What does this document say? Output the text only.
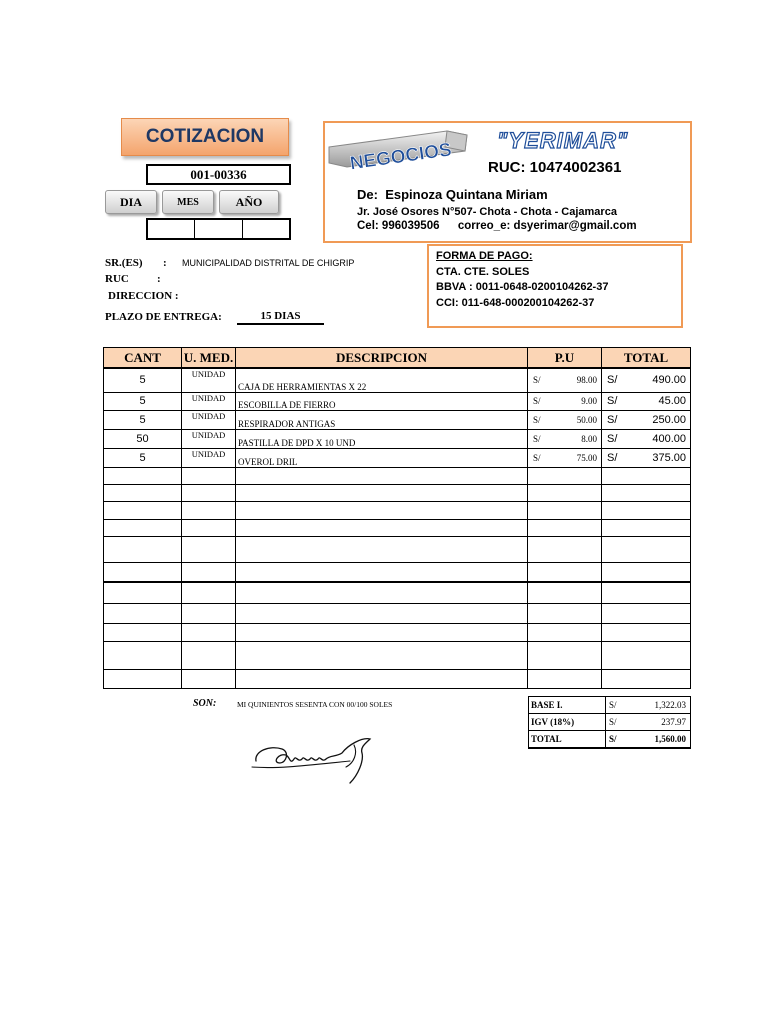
COTIZACION
001-00336
DIA	MES	AÑO
NEGOCIOS "YERIMAR"
RUC: 10474002361
De: Espinoza Quintana Miriam
Jr. José Osores N°507- Chota - Chota - Cajamarca
Cel: 996039506 correo_e: dsyerimar@gmail.com
FORMA DE PAGO:
CTA. CTE. SOLES
BBVA : 0011-0648-0200104262-37
CCI: 011-648-000200104262-37
SR.(ES) : MUNICIPALIDAD DISTRITAL DE CHIGRIP
RUC	:
DIRECCION :
PLAZO DE ENTREGA:	15 DIAS
CANT	U. MED.	DESCRIPCION	P.U	TOTAL
5	UNIDAD	CAJA DE HERRAMIENTAS X 22	S/ 98.00	S/ 490.00

5	UNIDAD	ESCOBILLA DE FIERRO	S/ 9.00	S/ 45.00

5	UNIDAD	RESPIRADOR ANTIGAS	S/ 50.00	S/ 250.00

50	UNIDAD	PASTILLA DE DPD X 10 UND	S/ 8.00	S/ 400.00

5	UNIDAD	OVEROL DRIL	S/ 75.00	S/ 375.00

SON:	MI QUINIENTOS SESENTA CON 00/100 SOLES	BASE I.	S/	1,322.03
IGV (18%)	S/	237.97
TOTAL	S/	1,560.00
